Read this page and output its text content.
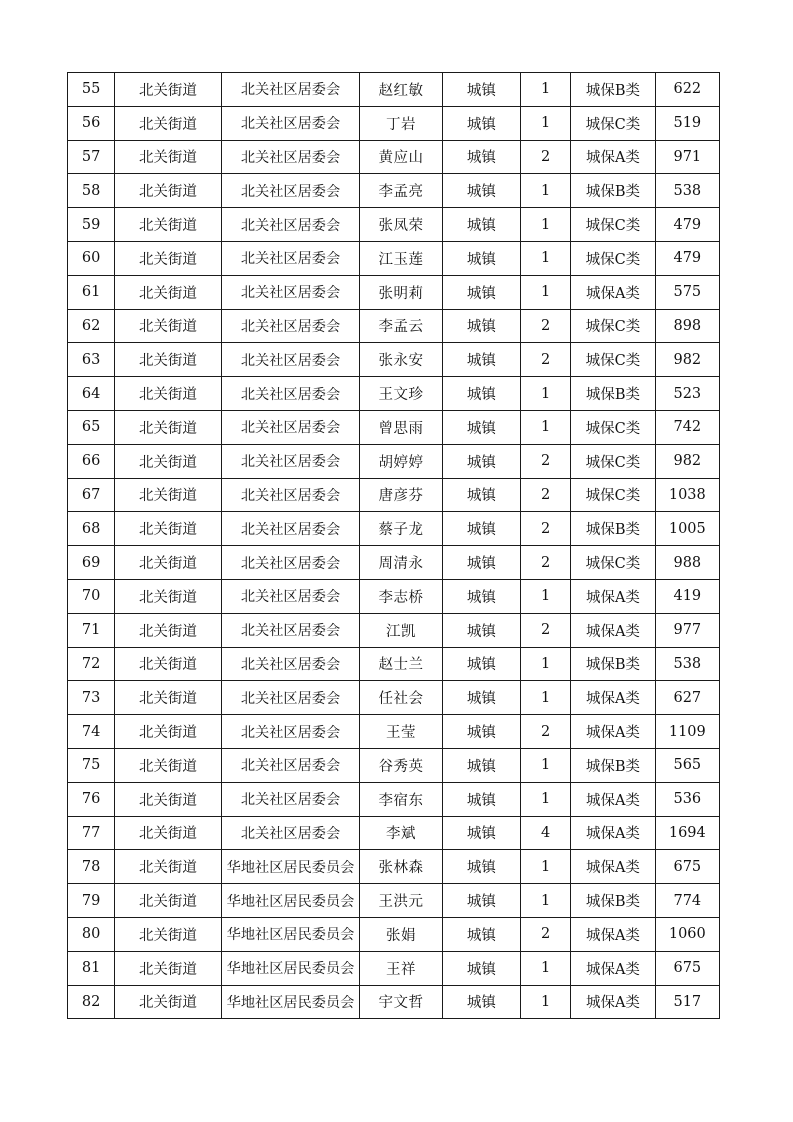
55	北关街道	北关社区居委会	赵红敏	城镇	1	城保B类	622
56	北关街道	北关社区居委会	丁岩	城镇	1	城保C类	519
57	北关街道	北关社区居委会	黄应山	城镇	2	城保A类	971
58	北关街道	北关社区居委会	李孟亮	城镇	1	城保B类	538
59	北关街道	北关社区居委会	张凤荣	城镇	1	城保C类	479
60	北关街道	北关社区居委会	江玉莲	城镇	1	城保C类	479
61	北关街道	北关社区居委会	张明莉	城镇	1	城保A类	575
62	北关街道	北关社区居委会	李孟云	城镇	2	城保C类	898
63	北关街道	北关社区居委会	张永安	城镇	2	城保C类	982
64	北关街道	北关社区居委会	王文珍	城镇	1	城保B类	523
65	北关街道	北关社区居委会	曾思雨	城镇	1	城保C类	742
66	北关街道	北关社区居委会	胡婷婷	城镇	2	城保C类	982
67	北关街道	北关社区居委会	唐彦芬	城镇	2	城保C类	1038
68	北关街道	北关社区居委会	蔡子龙	城镇	2	城保B类	1005
69	北关街道	北关社区居委会	周清永	城镇	2	城保C类	988
70	北关街道	北关社区居委会	李志桥	城镇	1	城保A类	419
71	北关街道	北关社区居委会	江凯	城镇	2	城保A类	977
72	北关街道	北关社区居委会	赵士兰	城镇	1	城保B类	538
73	北关街道	北关社区居委会	任社会	城镇	1	城保A类	627
74	北关街道	北关社区居委会	王莹	城镇	2	城保A类	1109
75	北关街道	北关社区居委会	谷秀英	城镇	1	城保B类	565
76	北关街道	北关社区居委会	李宿东	城镇	1	城保A类	536
77	北关街道	北关社区居委会	李斌	城镇	4	城保A类	1694
78	北关街道	华地社区居民委员会	张林森	城镇	1	城保A类	675
79	北关街道	华地社区居民委员会	王洪元	城镇	1	城保B类	774
80	北关街道	华地社区居民委员会	张娟	城镇	2	城保A类	1060
81	北关街道	华地社区居民委员会	王祥	城镇	1	城保A类	675
82	北关街道	华地社区居民委员会	宇文哲	城镇	1	城保A类	517
